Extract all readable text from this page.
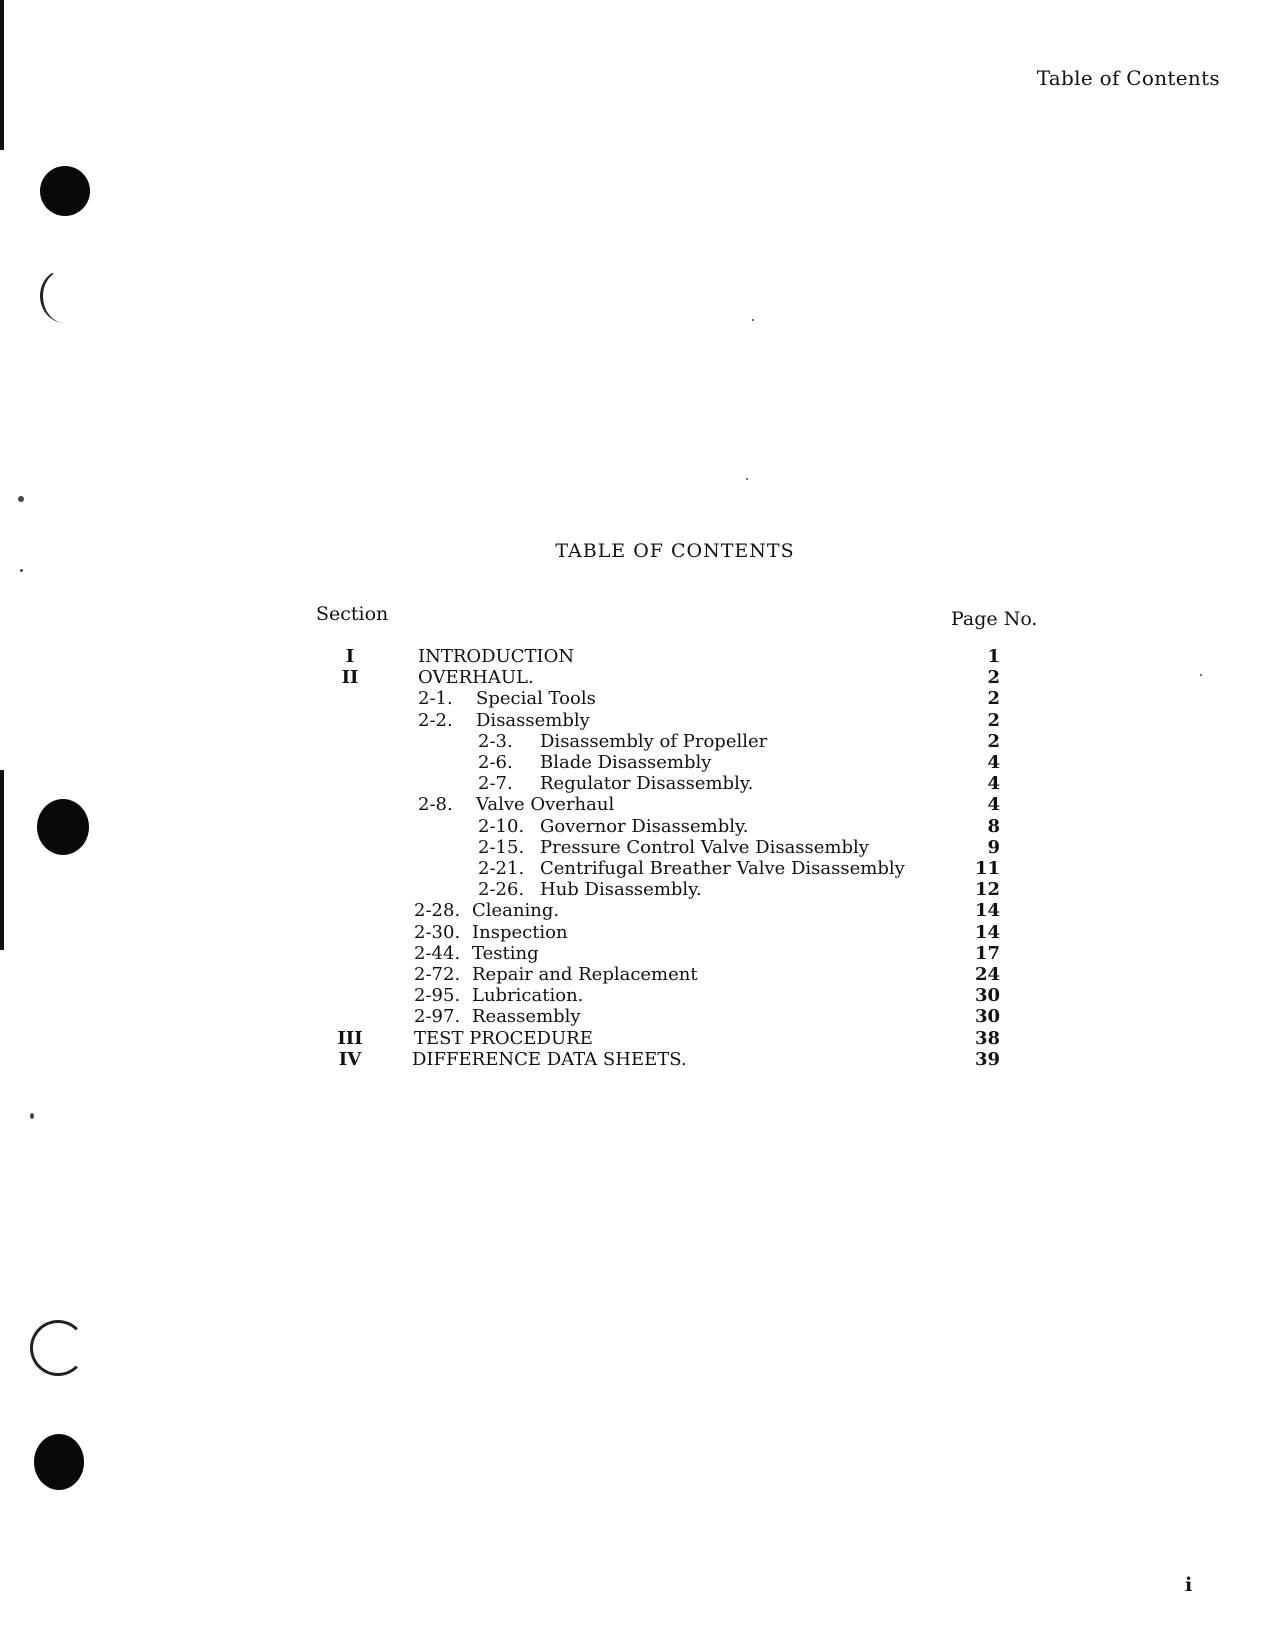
Table of Contents
TABLE OF CONTENTS
Section	Page No.
I	INTRODUCTION	1
II	OVERHAUL.	2
2-1. Special Tools	2
2-2. Disassembly	2
2-3. Disassembly of Propeller	2
2-6. Blade Disassembly	4
2-7. Regulator Disassembly.	4
2-8. Valve Overhaul	4
2-10. Governor Disassembly.	8
2-15. Pressure Control Valve Disassembly	9
2-21. Centrifugal Breather Valve Disassembly	11
2-26. Hub Disassembly.	12
2-28. Cleaning.	14
2-30. Inspection	14
2-44. Testing	17
2-72. Repair and Replacement	24
2-95. Lubrication.	30
2-97. Reassembly	30
III	TEST PROCEDURE	38
IV	DIFFERENCE DATA SHEETS.	39
i
